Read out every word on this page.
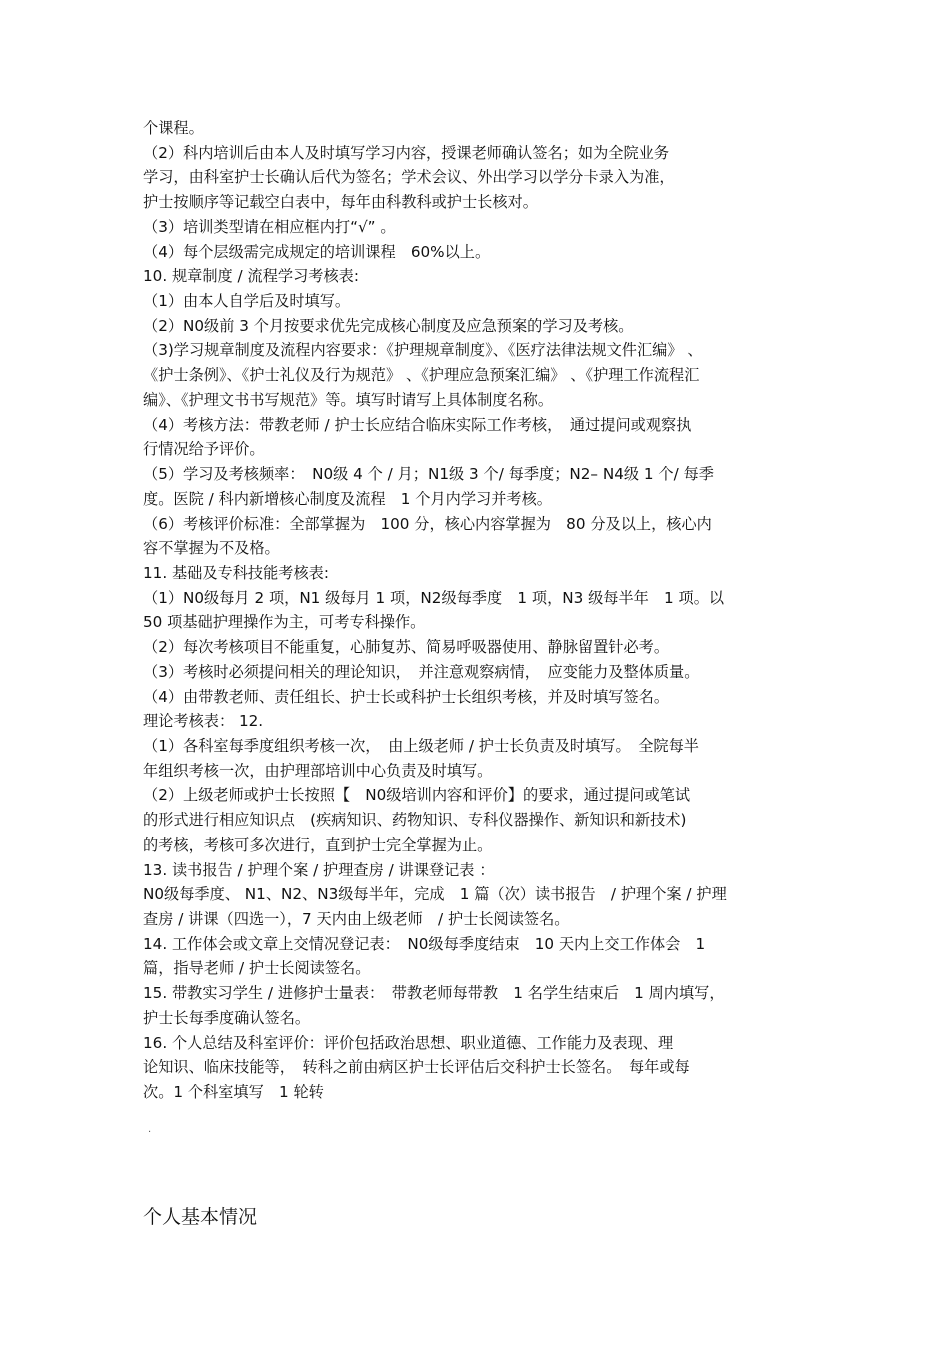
个课程。
（2）科内培训后由本人及时填写学习内容，授课老师确认签名；如为全院业务
学习，由科室护士长确认后代为签名；学术会议、外出学习以学分卡录入为准，
护士按顺序等记载空白表中，每年由科教科或护士长核对。
（3）培训类型请在相应框内打“√” 。
（4）每个层级需完成规定的培训课程　60%以上。
10. 规章制度 / 流程学习考核表:
（1）由本人自学后及时填写。
（2）N0级前 3 个月按要求优先完成核心制度及应急预案的学习及考核。
（3)学习规章制度及流程内容要求：《护理规章制度》、《医疗法律法规文件汇编》 、
《护士条例》、《护士礼仪及行为规范》 、《护理应急预案汇编》 、《护理工作流程汇
编》、《护理文书书写规范》等。填写时请写上具体制度名称。
（4）考核方法：带教老师 / 护士长应结合临床实际工作考核，　通过提问或观察执
行情况给予评价。
（5）学习及考核频率：　N0级 4 个 / 月；N1级 3 个/ 每季度；N2– N4级 1 个/ 每季
度。医院 / 科内新增核心制度及流程　1 个月内学习并考核。
（6）考核评价标准：全部掌握为　100 分，核心内容掌握为　80 分及以上，核心内
容不掌握为不及格。
11. 基础及专科技能考核表:
（1）N0级每月 2 项，N1 级每月 1 项，N2级每季度　1 项，N3 级每半年　1 项。以
50 项基础护理操作为主，可考专科操作。
（2）每次考核项目不能重复，心肺复苏、简易呼吸器使用、静脉留置针必考。
（3）考核时必须提问相关的理论知识，　并注意观察病情，　应变能力及整体质量。
（4）由带教老师、责任组长、护士长或科护士长组织考核，并及时填写签名。
理论考核表： 12.
（1）各科室每季度组织考核一次，　由上级老师 / 护士长负责及时填写。　全院每半
年组织考核一次，由护理部培训中心负责及时填写。
（2）上级老师或护士长按照【　N0级培训内容和评价】的要求，通过提问或笔试
的形式进行相应知识点　(疾病知识、药物知识、专科仪器操作、新知识和新技术)
的考核，考核可多次进行，直到护士完全掌握为止。
13. 读书报告 / 护理个案 / 护理查房 / 讲课登记表 ：
N0级每季度、 N1、N2、N3级每半年，完成　1 篇（次）读书报告　/ 护理个案 / 护理
查房 / 讲课（四选一），7 天内由上级老师　/ 护士长阅读签名。
14. 工作体会或文章上交情况登记表：　N0级每季度结束　10 天内上交工作体会　1
篇，指导老师 / 护士长阅读签名。
15. 带教实习学生 / 进修护士量表：　带教老师每带教　1 名学生结束后　1 周内填写，
护士长每季度确认签名。
16. 个人总结及科室评价：评价包括政治思想、职业道德、工作能力及表现、理
论知识、临床技能等，　转科之前由病区护士长评估后交科护士长签名。　每年或每
次。1 个科室填写　1 轮转
.
个人基本情况
